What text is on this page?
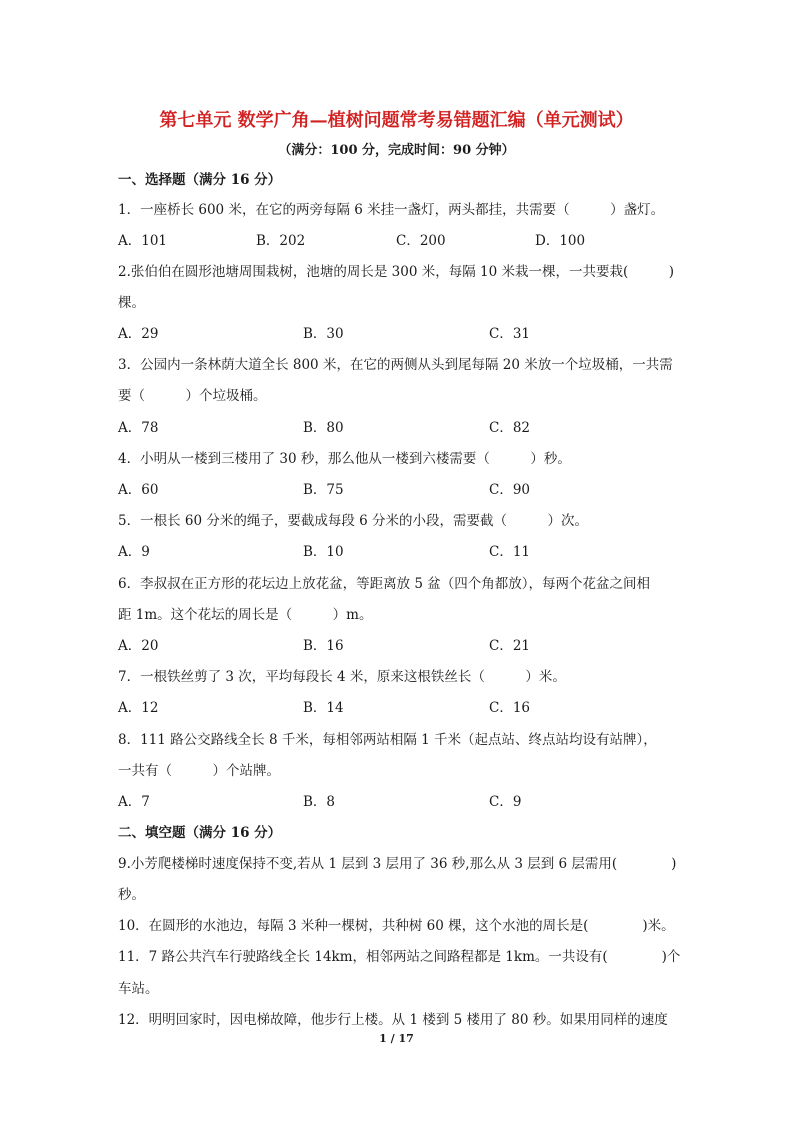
第七单元 数学广角—植树问题常考易错题汇编（单元测试）
（满分：100 分，完成时间：90 分钟）
一、选择题（满分 16 分）
1．一座桥长 600 米，在它的两旁每隔 6 米挂一盏灯，两头都挂，共需要（　　　）盏灯。
A．101	B．202	C．200	D．100
2.张伯伯在圆形池塘周围栽树，池塘的周长是 300 米，每隔 10 米栽一棵，一共要栽(　　　)
棵。
A．29	B．30	C．31
3．公园内一条林荫大道全长 800 米，在它的两侧从头到尾每隔 20 米放一个垃圾桶，一共需
要（　　　）个垃圾桶。
A．78	B．80	C．82
4．小明从一楼到三楼用了 30 秒，那么他从一楼到六楼需要（　　　）秒。
A．60	B．75	C．90
5．一根长 60 分米的绳子，要截成每段 6 分米的小段，需要截（　　　）次。
A．9	B．10	C．11
6．李叔叔在正方形的花坛边上放花盆，等距离放 5 盆（四个角都放），每两个花盆之间相
距 1m。这个花坛的周长是（　　　）m。
A．20	B．16	C．21
7．一根铁丝剪了 3 次，平均每段长 4 米，原来这根铁丝长（　　　）米。
A．12	B．14	C．16
8．111 路公交路线全长 8 千米，每相邻两站相隔 1 千米（起点站、终点站均设有站牌），
一共有（　　　）个站牌。
A．7	B．8	C．9
二、填空题（满分 16 分）
9.小芳爬楼梯时速度保持不变,若从 1 层到 3 层用了 36 秒,那么从 3 层到 6 层需用(　　　　)
秒。
10．在圆形的水池边，每隔 3 米种一棵树，共种树 60 棵，这个水池的周长是(　　　　)米。
11．7 路公共汽车行驶路线全长 14km，相邻两站之间路程都是 1km。一共设有(　　　　)个
车站。
12．明明回家时，因电梯故障，他步行上楼。从 1 楼到 5 楼用了 80 秒。如果用同样的速度
1 / 17
